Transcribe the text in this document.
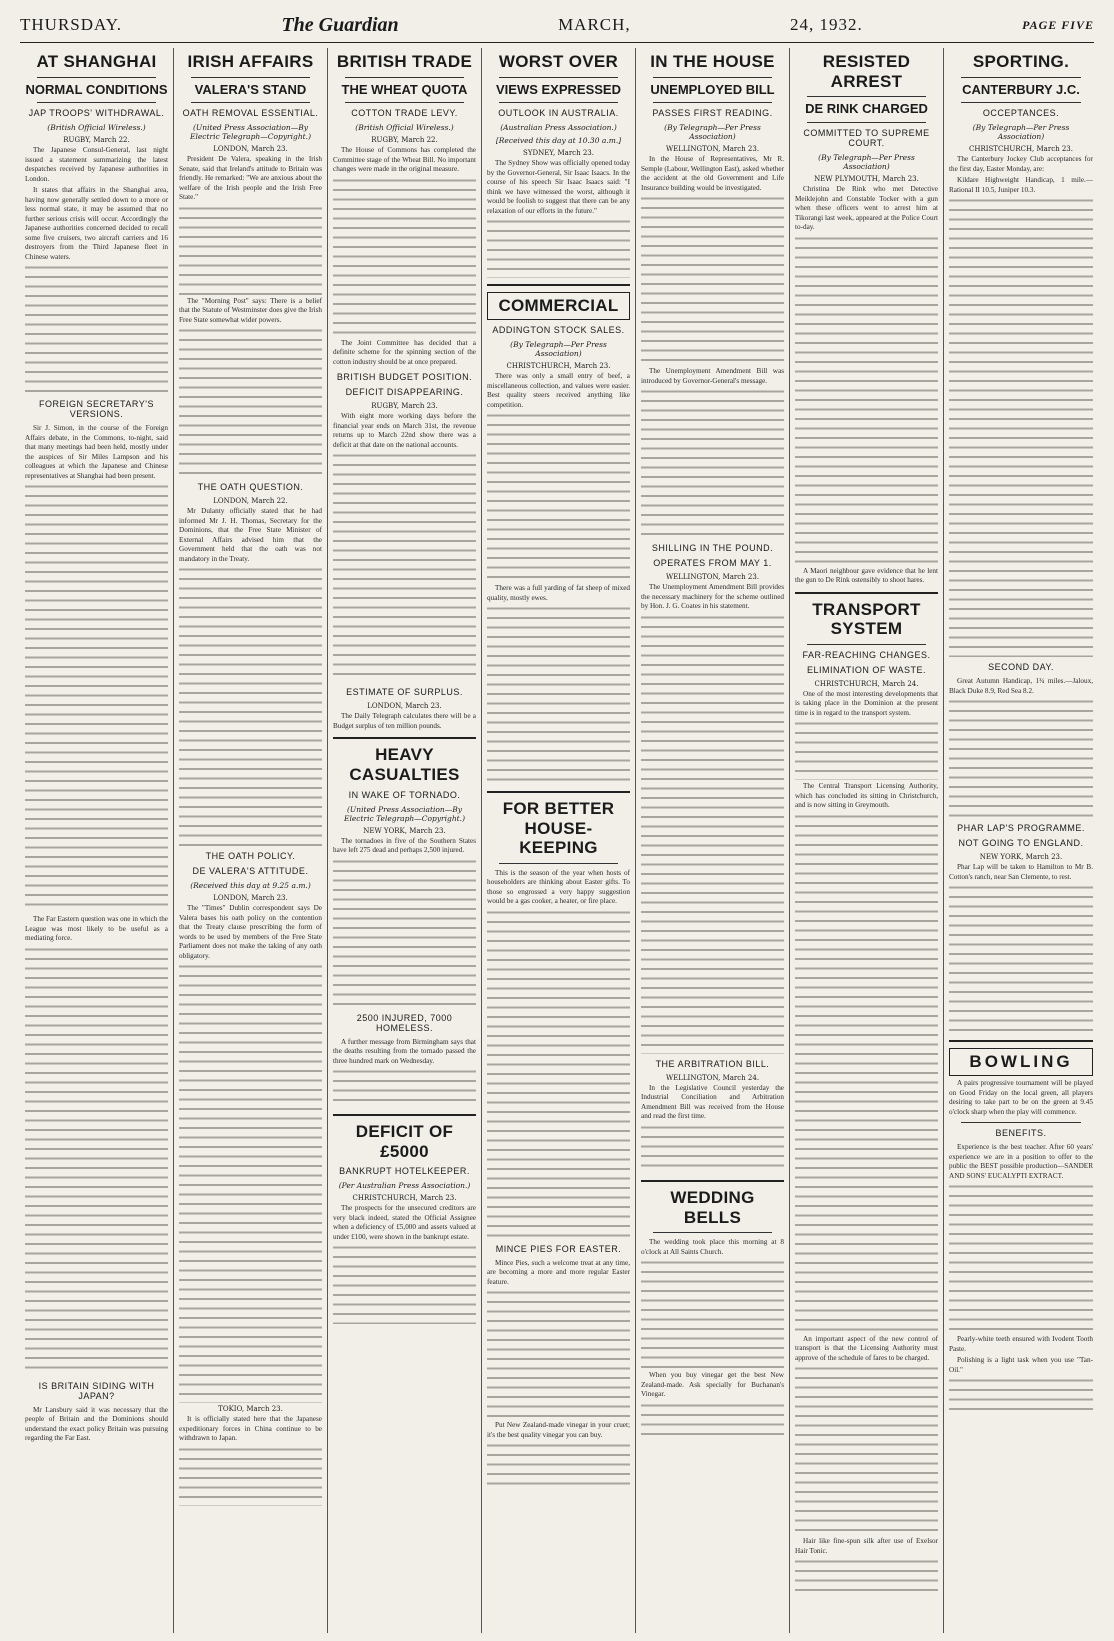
THURSDAY.	The Guardian	MARCH,	24, 1932.	PAGE FIVE
AT SHANGHAI
NORMAL CONDITIONS
JAP TROOPS' WITHDRAWAL.
(British Official Wireless.)
RUGBY, March 22.

The Japanese Consul-General, last night issued a statement summarizing the latest despatches received by Japanese authorities in London.

It states that affairs in the Shanghai area, having now generally settled down to a more or less normal state, it may be assumed that no further serious crisis will occur. Accordingly the Japanese authorities concerned decided to recall some five cruisers, two aircraft carriers and 16 destroyers from the Third Japanese fleet in Chinese waters.

FOREIGN SECRETARY'S VERSIONS.

Sir J. Simon, in the course of the Foreign Affairs debate, in the Commons, to-night, said that many meetings had been held, mostly under the auspices of Sir Miles Lampson and his colleagues at which the Japanese and Chinese representatives at Shanghai had been present.

The Far Eastern question was one in which the League was most likely to be useful as a mediating force.

IS BRITAIN SIDING WITH JAPAN?

Mr Lansbury said it was necessary that the people of Britain and the Dominions should understand the exact policy Britain was pursuing regarding the Far East.

IRISH AFFAIRS
VALERA'S STAND
OATH REMOVAL ESSENTIAL.
(United Press Association—By Electric Telegraph—Copyright.)
LONDON, March 23.

President De Valera, speaking in the Irish Senate, said that Ireland's attitude to Britain was friendly. He remarked: "We are anxious about the welfare of the Irish people and the Irish Free State."

The "Morning Post" says: There is a belief that the Statute of Westminster does give the Irish Free State somewhat wider powers.

THE OATH QUESTION.
LONDON, March 22.

Mr Dulanty officially stated that he had informed Mr J. H. Thomas, Secretary for the Dominions, that the Free State Minister of External Affairs advised him that the Government held that the oath was not mandatory in the Treaty.

THE OATH POLICY.
DE VALERA'S ATTITUDE.
(Received this day at 9.25 a.m.)
LONDON, March 23.

The "Times" Dublin correspondent says De Valera bases his oath policy on the contention that the Treaty clause prescribing the form of words to be used by members of the Free State Parliament does not make the taking of any oath obligatory.

TOKIO, March 23.

It is officially stated here that the Japanese expeditionary forces in China continue to be withdrawn to Japan.

BRITISH TRADE
THE WHEAT QUOTA
COTTON TRADE LEVY.
(British Official Wireless.)
RUGBY, March 22.

The House of Commons has completed the Committee stage of the Wheat Bill. No important changes were made in the original measure.

The Joint Committee has decided that a definite scheme for the spinning section of the cotton industry should be at once prepared.

BRITISH BUDGET POSITION.
DEFICIT DISAPPEARING.
RUGBY, March 23.

With eight more working days before the financial year ends on March 31st, the revenue returns up to March 22nd show there was a deficit at that date on the national accounts.

ESTIMATE OF SURPLUS.
LONDON, March 23.

The Daily Telegraph calculates there will be a Budget surplus of ten million pounds.

HEAVY CASUALTIES
IN WAKE OF TORNADO.
(United Press Association—By Electric Telegraph—Copyright.)
NEW YORK, March 23.

The tornadoes in five of the Southern States have left 275 dead and perhaps 2,500 injured.

2500 INJURED, 7000 HOMELESS.

A further message from Birmingham says that the deaths resulting from the tornado passed the three hundred mark on Wednesday.

DEFICIT OF £5000
BANKRUPT HOTELKEEPER.
(Per Australian Press Association.)
CHRISTCHURCH, March 23.

The prospects for the unsecured creditors are very black indeed, stated the Official Assignee when a deficiency of £5,000 and assets valued at under £100, were shown in the bankrupt estate.

WORST OVER
VIEWS EXPRESSED
OUTLOOK IN AUSTRALIA.
(Australian Press Association.)
[Received this day at 10.30 a.m.]
SYDNEY, March 23.

The Sydney Show was officially opened today by the Governor-General, Sir Isaac Isaacs. In the course of his speech Sir Isaac Isaacs said: "I think we have witnessed the worst, although it would be foolish to suggest that there can be any relaxation of our efforts in the future."

COMMERCIAL
ADDINGTON STOCK SALES.
(By Telegraph—Per Press Association)
CHRISTCHURCH, March 23.

There was only a small entry of beef, a miscellaneous collection, and values were easier. Best quality steers received anything like competition.

There was a full yarding of fat sheep of mixed quality, mostly ewes.

FOR BETTER HOUSE-KEEPING

This is the season of the year when hosts of householders are thinking about Easter gifts. To those so engrossed a very happy suggestion would be a gas cooker, a heater, or fire place.

MINCE PIES FOR EASTER.

Mince Pies, such a welcome treat at any time, are becoming a more and more regular Easter feature.

Put New Zealand-made vinegar in your cruet; it's the best quality vinegar you can buy.

IN THE HOUSE
UNEMPLOYED BILL
PASSES FIRST READING.
(By Telegraph—Per Press Association)
WELLINGTON, March 23.

In the House of Representatives, Mr R. Semple (Labour, Wellington East), asked whether the accident at the old Government and Life Insurance building would be investigated.

The Unemployment Amendment Bill was introduced by Governor-General's message.

SHILLING IN THE POUND.
OPERATES FROM MAY 1.
WELLINGTON, March 23.

The Unemployment Amendment Bill provides the necessary machinery for the scheme outlined by Hon. J. G. Coates in his statement.

THE ARBITRATION BILL.
WELLINGTON, March 24.

In the Legislative Council yesterday the Industrial Conciliation and Arbitration Amendment Bill was received from the House and read the first time.

WEDDING BELLS

The wedding took place this morning at 8 o'clock at All Saints Church.

When you buy vinegar get the best New Zealand-made. Ask specially for Buchanan's Vinegar.

RESISTED ARREST
DE RINK CHARGED
COMMITTED TO SUPREME COURT.
(By Telegraph—Per Press Association)
NEW PLYMOUTH, March 23.

Christina De Rink who met Detective Meiklejohn and Constable Tocker with a gun when these officers went to arrest him at Tikorangi last week, appeared at the Police Court to-day.

A Maori neighbour gave evidence that he lent the gun to De Rink ostensibly to shoot hares.

TRANSPORT SYSTEM
FAR-REACHING CHANGES.
ELIMINATION OF WASTE.
CHRISTCHURCH, March 24.

One of the most interesting developments that is taking place in the Dominion at the present time is in regard to the transport system.

The Central Transport Licensing Authority, which has concluded its sitting in Christchurch, and is now sitting in Greymouth.

An important aspect of the new control of transport is that the Licensing Authority must approve of the schedule of fares to be charged.

Hair like fine-spun silk after use of Exelsor Hair Tonic.

SPORTING.
CANTERBURY J.C.
OCCEPTANCES.
(By Telegraph—Per Press Association)
CHRISTCHURCH, March 23.

The Canterbury Jockey Club acceptances for the first day, Easter Monday, are:

Kildare Highweight Handicap, 1 mile.—Rational II 10.5, Juniper 10.3.

SECOND DAY.

Great Autumn Handicap, 1¾ miles.—Jaloux, Black Duke 8.9, Red Sea 8.2.

PHAR LAP'S PROGRAMME.
NOT GOING TO ENGLAND.
NEW YORK, March 23.

Phar Lap will be taken to Hamilton to Mr B. Cotton's ranch, near San Clemente, to rest.

BOWLING

A pairs progressive tournament will be played on Good Friday on the local green, all players desiring to take part to be on the green at 9.45 o'clock sharp when the play will commence.

BENEFITS.

Experience is the best teacher. After 60 years' experience we are in a position to offer to the public the BEST possible production—SANDER AND SONS' EUCALYPTI EXTRACT.

Pearly-white teeth ensured with Ivodent Tooth Paste.

Polishing is a light task when you use "Tan-Oil."
